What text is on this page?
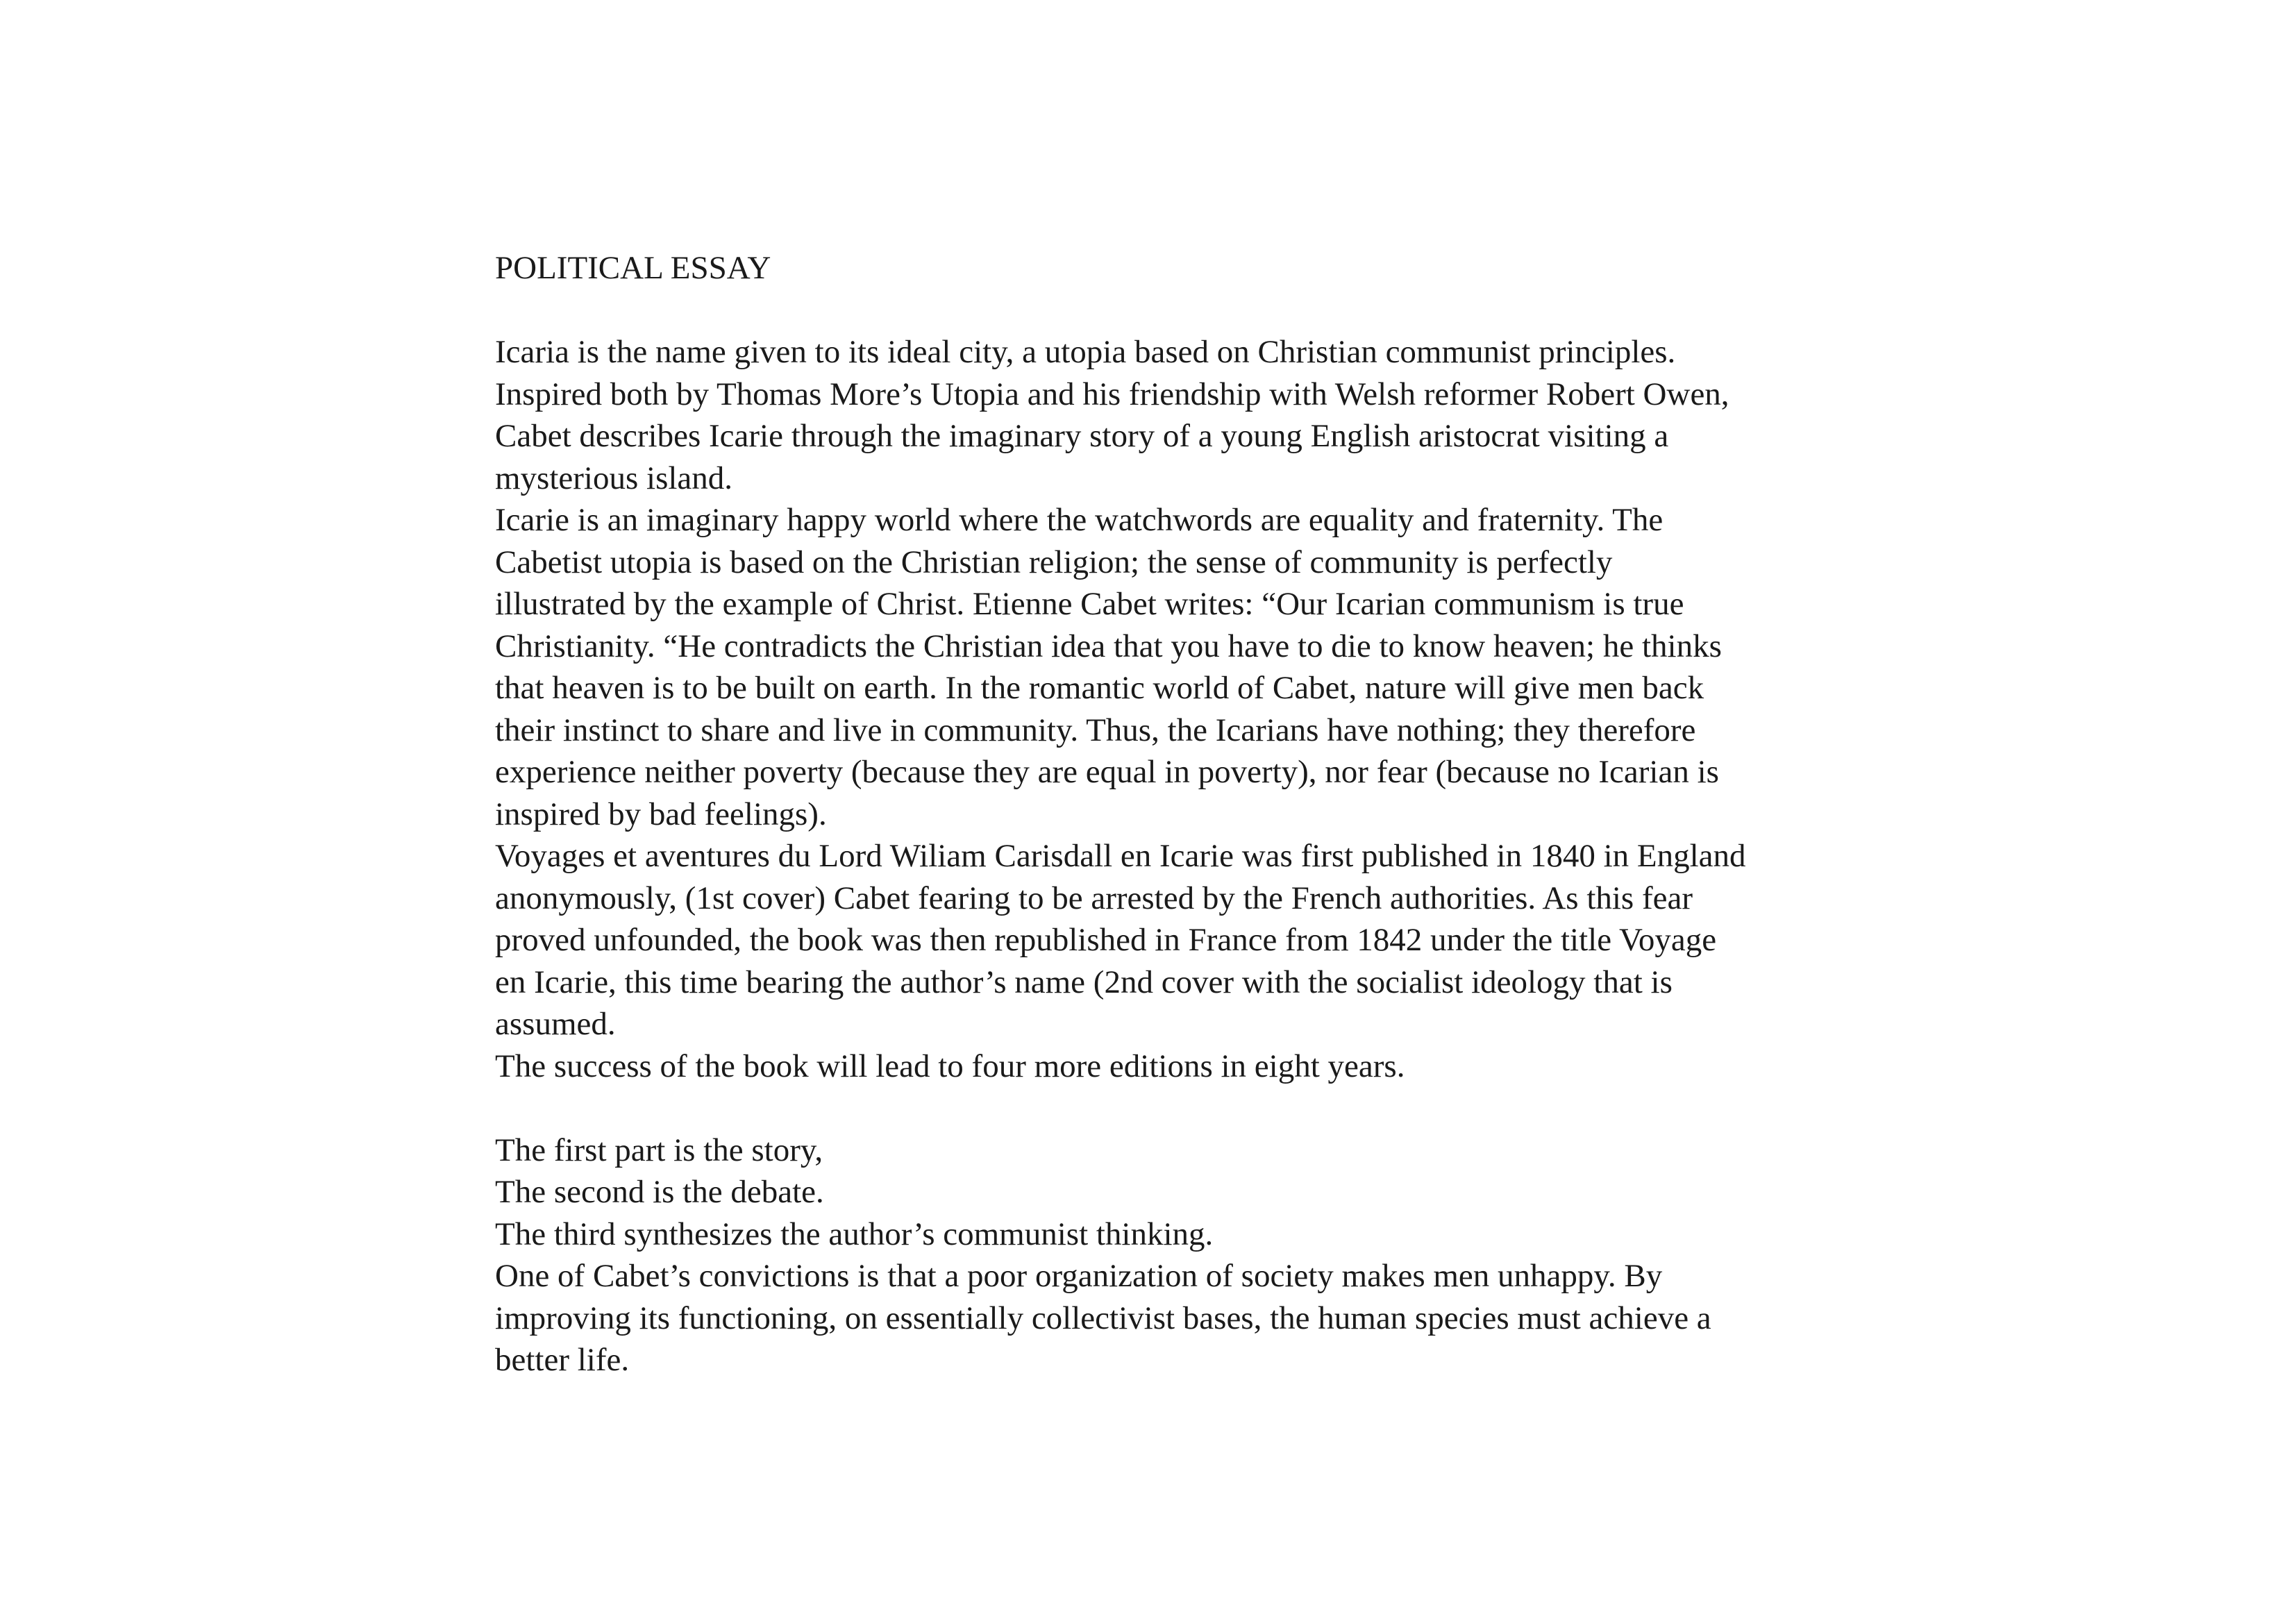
POLITICAL ESSAY
Icaria is the name given to its ideal city, a utopia based on Christian communist principles.
Inspired both by Thomas More’s Utopia and his friendship with Welsh reformer Robert Owen,
Cabet describes Icarie through the imaginary story of a young English aristocrat visiting a
mysterious island.
Icarie is an imaginary happy world where the watchwords are equality and fraternity. The
Cabetist utopia is based on the Christian religion; the sense of community is perfectly
illustrated by the example of Christ. Etienne Cabet writes: “Our Icarian communism is true
Christianity. “He contradicts the Christian idea that you have to die to know heaven; he thinks
that heaven is to be built on earth. In the romantic world of Cabet, nature will give men back
their instinct to share and live in community. Thus, the Icarians have nothing; they therefore
experience neither poverty (because they are equal in poverty), nor fear (because no Icarian is
inspired by bad feelings).
Voyages et aventures du Lord Wiliam Carisdall en Icarie was first published in 1840 in England
anonymously, (1st cover) Cabet fearing to be arrested by the French authorities. As this fear
proved unfounded, the book was then republished in France from 1842 under the title Voyage
en Icarie, this time bearing the author’s name (2nd cover with the socialist ideology that is
assumed.
The success of the book will lead to four more editions in eight years.
The first part is the story,
The second is the debate.
The third synthesizes the author’s communist thinking.
One of Cabet’s convictions is that a poor organization of society makes men unhappy. By
improving its functioning, on essentially collectivist bases, the human species must achieve a
better life.
